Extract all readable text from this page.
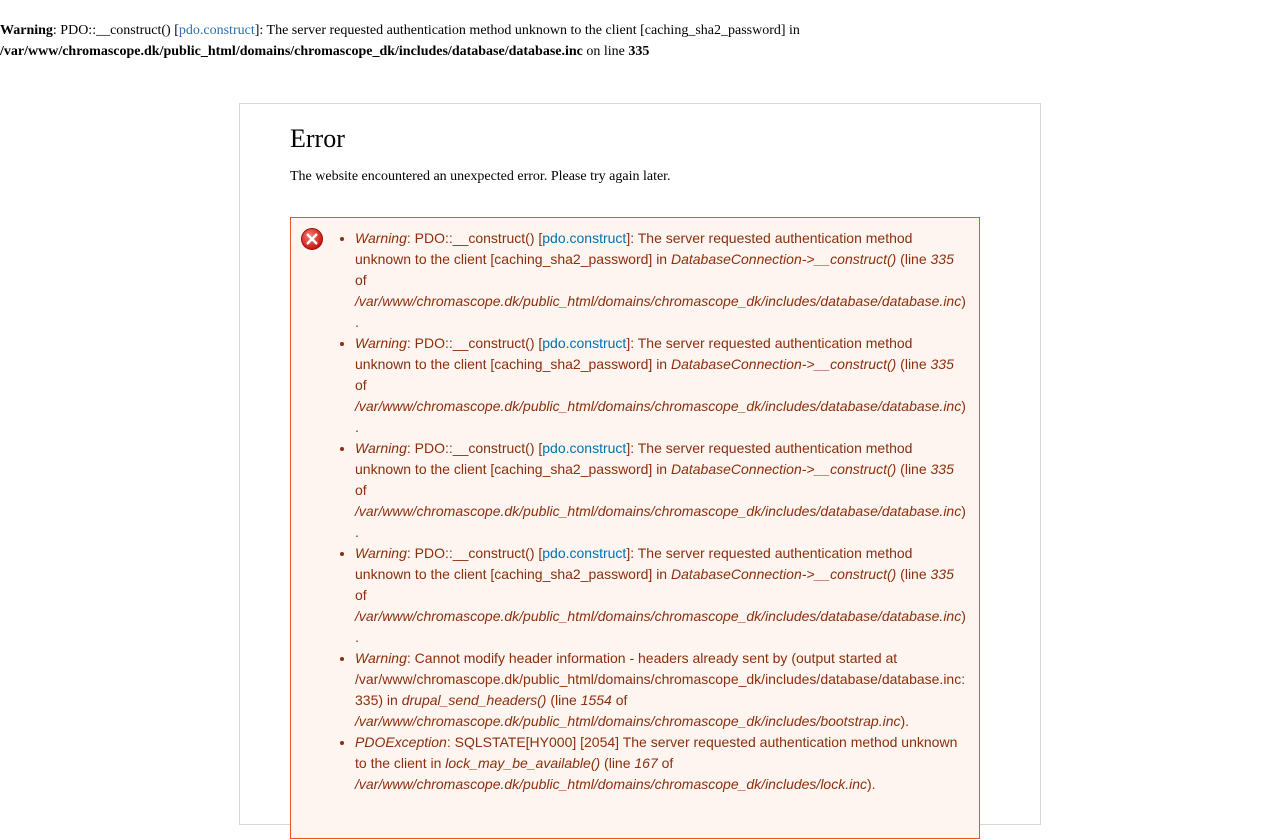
Warning: PDO::__construct() [pdo.construct]: The server requested authentication method unknown to the client [caching_sha2_password] in
/var/www/chromascope.dk/public_html/domains/chromascope_dk/includes/database/database.inc on line 335
Error

The website encountered an unexpected error. Please try again later.

• Warning: PDO::__construct() [pdo.construct]: The server requested authentication method unknown to the client [caching_sha2_password] in DatabaseConnection->__construct() (line 335 of /var/www/chromascope.dk/public_html/domains/chromascope_dk/includes/database/database.inc).
• Warning: PDO::__construct() [pdo.construct]: The server requested authentication method unknown to the client [caching_sha2_password] in DatabaseConnection->__construct() (line 335 of /var/www/chromascope.dk/public_html/domains/chromascope_dk/includes/database/database.inc).
• Warning: PDO::__construct() [pdo.construct]: The server requested authentication method unknown to the client [caching_sha2_password] in DatabaseConnection->__construct() (line 335 of /var/www/chromascope.dk/public_html/domains/chromascope_dk/includes/database/database.inc).
• Warning: PDO::__construct() [pdo.construct]: The server requested authentication method unknown to the client [caching_sha2_password] in DatabaseConnection->__construct() (line 335 of /var/www/chromascope.dk/public_html/domains/chromascope_dk/includes/database/database.inc).
• Warning: Cannot modify header information - headers already sent by (output started at /var/www/chromascope.dk/public_html/domains/chromascope_dk/includes/database/database.inc:335) in drupal_send_headers() (line 1554 of /var/www/chromascope.dk/public_html/domains/chromascope_dk/includes/bootstrap.inc).
• PDOException: SQLSTATE[HY000] [2054] The server requested authentication method unknown to the client in lock_may_be_available() (line 167 of /var/www/chromascope.dk/public_html/domains/chromascope_dk/includes/lock.inc).
